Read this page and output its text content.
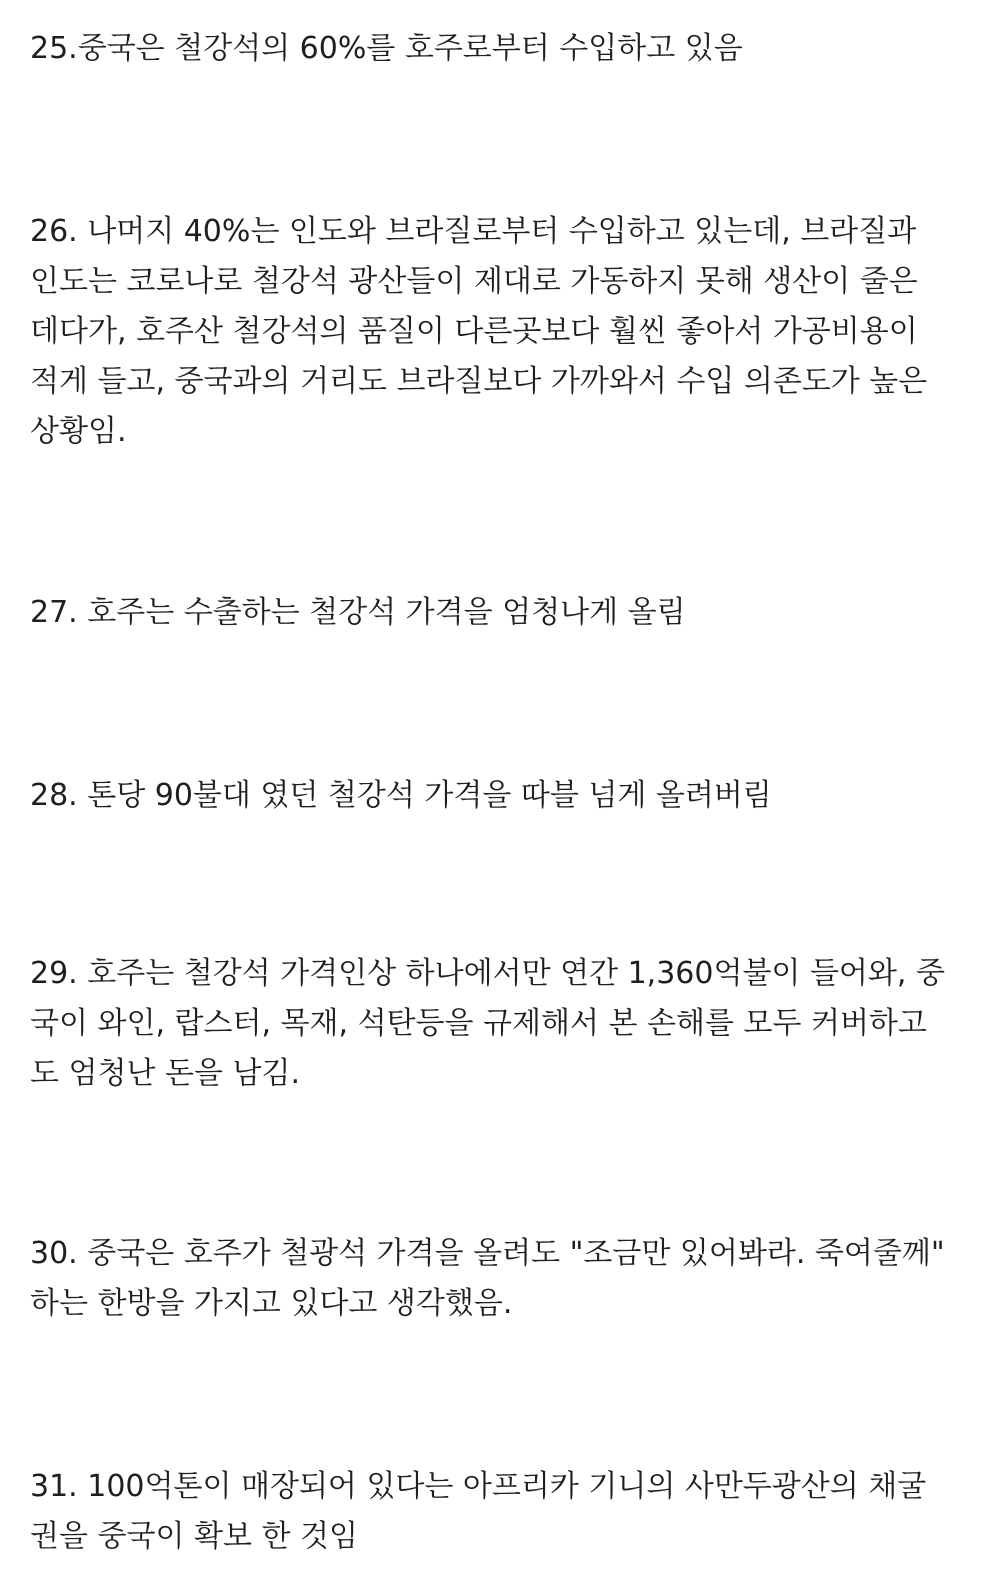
25.중국은 철강석의 60%를 호주로부터 수입하고 있음
26. 나머지 40%는 인도와 브라질로부터 수입하고 있는데, 브라질과
인도는 코로나로 철강석 광산들이 제대로 가동하지 못해 생산이 줄은
데다가, 호주산 철강석의 품질이 다른곳보다 훨씬 좋아서 가공비용이
적게 들고, 중국과의 거리도 브라질보다 가까와서 수입 의존도가 높은
상황임.
27. 호주는 수출하는 철강석 가격을 엄청나게 올림
28. 톤당 90불대 였던 철강석 가격을 따블 넘게 올려버림
29. 호주는 철강석 가격인상 하나에서만 연간 1,360억불이 들어와, 중
국이 와인, 랍스터, 목재, 석탄등을 규제해서 본 손해를 모두 커버하고
도 엄청난 돈을 남김.
30. 중국은 호주가 철광석 가격을 올려도 "조금만 있어봐라. 죽여줄께"
하는 한방을 가지고 있다고 생각했음.
31. 100억톤이 매장되어 있다는 아프리카 기니의 사만두광산의 채굴
권을 중국이 확보 한 것임
